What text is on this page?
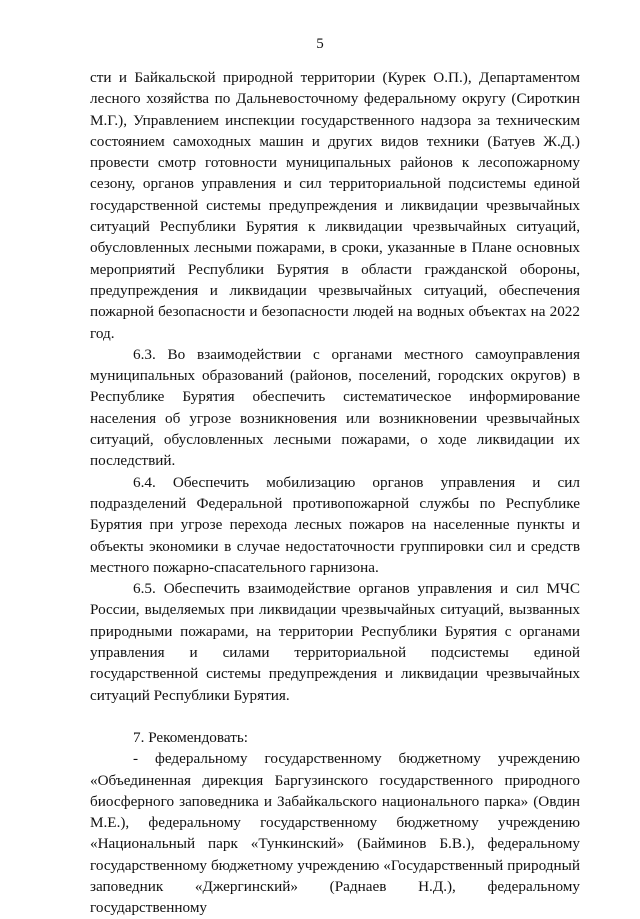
5

сти и Байкальской природной территории (Курек О.П.), Департаментом лесного хозяйства по Дальневосточному федеральному округу (Сироткин М.Г.), Управлением инспекции государственного надзора за техническим состоянием самоходных машин и других видов техники (Батуев Ж.Д.) провести смотр готовности муниципальных районов к лесопожарному сезону, органов управления и сил территориальной подсистемы единой государственной системы предупреждения и ликвидации чрезвычайных ситуаций Республики Бурятия к ликвидации чрезвычайных ситуаций, обусловленных лесными пожарами, в сроки, указанные в Плане основных мероприятий Республики Бурятия в области гражданской обороны, предупреждения и ликвидации чрезвычайных ситуаций, обеспечения пожарной безопасности и безопасности людей на водных объектах на 2022 год.

6.3. Во взаимодействии с органами местного самоуправления муниципальных образований (районов, поселений, городских округов) в Республике Бурятия обеспечить систематическое информирование населения об угрозе возникновения или возникновении чрезвычайных ситуаций, обусловленных лесными пожарами, о ходе ликвидации их последствий.

6.4. Обеспечить мобилизацию органов управления и сил подразделений Федеральной противопожарной службы по Республике Бурятия при угрозе перехода лесных пожаров на населенные пункты и объекты экономики в случае недостаточности группировки сил и средств местного пожарно-спасательного гарнизона.

6.5. Обеспечить взаимодействие органов управления и сил МЧС России, выделяемых при ликвидации чрезвычайных ситуаций, вызванных природными пожарами, на территории Республики Бурятия с органами управления и силами территориальной подсистемы единой государственной системы предупреждения и ликвидации чрезвычайных ситуаций Республики Бурятия.

7. Рекомендовать:

- федеральному государственному бюджетному учреждению «Объединенная дирекция Баргузинского государственного природного биосферного заповедника и Забайкальского национального парка» (Овдин М.Е.), федеральному государственному бюджетному учреждению «Национальный парк «Тункинский» (Байминов Б.В.), федеральному государственному бюджетному учреждению «Государственный природный заповедник «Джергинский» (Раднаев Н.Д.), федеральному государственному
